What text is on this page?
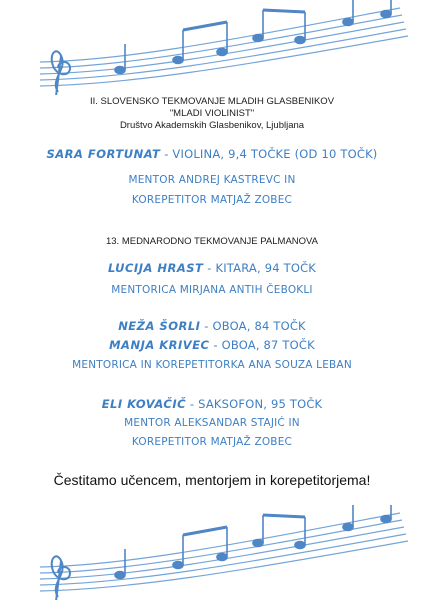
II. SLOVENSKO TEKMOVANJE MLADIH GLASBENIKOV
"MLADI VIOLINIST"
Društvo Akademskih Glasbenikov, Ljubljana
SARA FORTUNAT - VIOLINA, 9,4 TOČKE (OD 10 TOČK)
MENTOR ANDREJ KASTREVC IN
KOREPETITOR MATJAŽ ZOBEC
13. MEDNARODNO TEKMOVANJE PALMANOVA
LUCIJA HRAST - KITARA, 94 TOČK
MENTORICA MIRJANA ANTIH ČEBOKLI
NEŽA ŠORLI - OBOA, 84 TOČK
MANJA KRIVEC - OBOA, 87 TOČK
MENTORICA IN KOREPETITORKA ANA SOUZA LEBAN
ELI KOVAČIČ - SAKSOFON, 95 TOČK
MENTOR ALEKSANDAR STAJIĆ IN
KOREPETITOR MATJAŽ ZOBEC
Čestitamo učencem, mentorjem in korepetitorjema!
